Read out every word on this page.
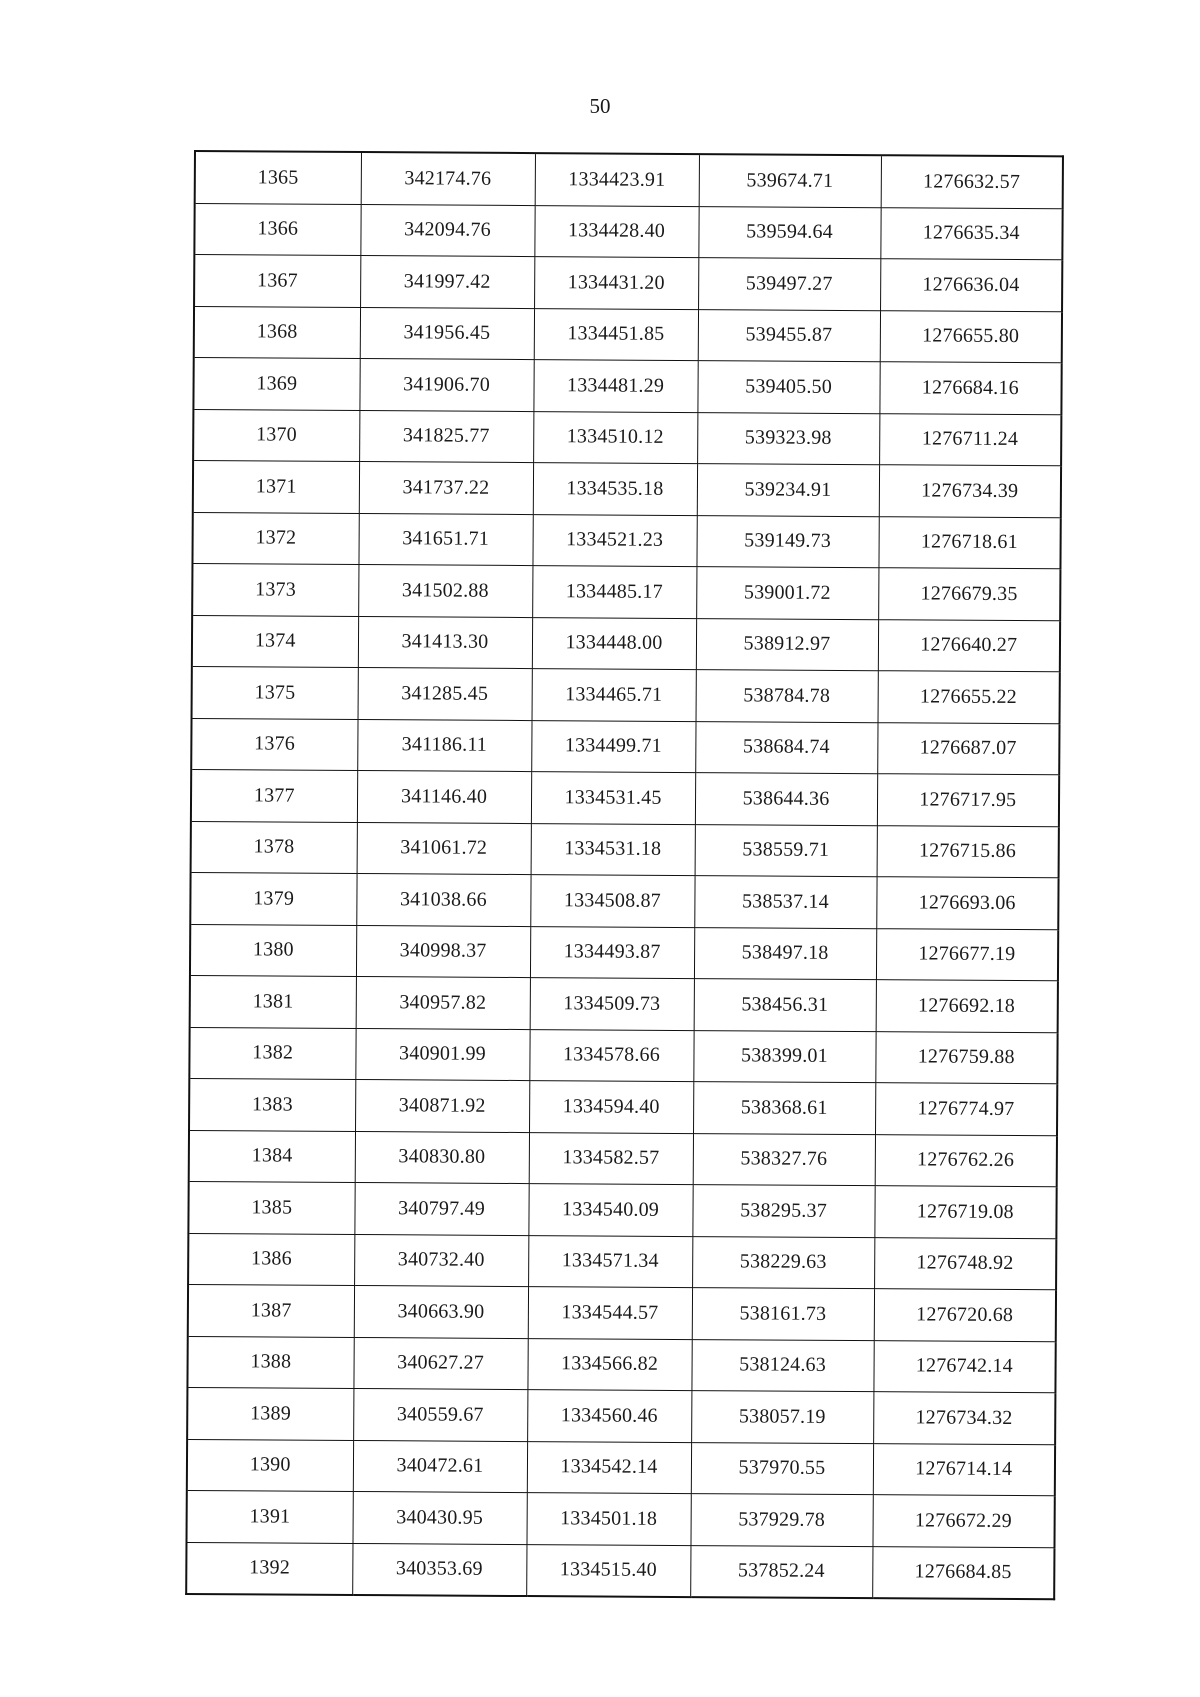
50
1365	342174.76	1334423.91	539674.71	1276632.57
1366	342094.76	1334428.40	539594.64	1276635.34
1367	341997.42	1334431.20	539497.27	1276636.04
1368	341956.45	1334451.85	539455.87	1276655.80
1369	341906.70	1334481.29	539405.50	1276684.16
1370	341825.77	1334510.12	539323.98	1276711.24
1371	341737.22	1334535.18	539234.91	1276734.39
1372	341651.71	1334521.23	539149.73	1276718.61
1373	341502.88	1334485.17	539001.72	1276679.35
1374	341413.30	1334448.00	538912.97	1276640.27
1375	341285.45	1334465.71	538784.78	1276655.22
1376	341186.11	1334499.71	538684.74	1276687.07
1377	341146.40	1334531.45	538644.36	1276717.95
1378	341061.72	1334531.18	538559.71	1276715.86
1379	341038.66	1334508.87	538537.14	1276693.06
1380	340998.37	1334493.87	538497.18	1276677.19
1381	340957.82	1334509.73	538456.31	1276692.18
1382	340901.99	1334578.66	538399.01	1276759.88
1383	340871.92	1334594.40	538368.61	1276774.97
1384	340830.80	1334582.57	538327.76	1276762.26
1385	340797.49	1334540.09	538295.37	1276719.08
1386	340732.40	1334571.34	538229.63	1276748.92
1387	340663.90	1334544.57	538161.73	1276720.68
1388	340627.27	1334566.82	538124.63	1276742.14
1389	340559.67	1334560.46	538057.19	1276734.32
1390	340472.61	1334542.14	537970.55	1276714.14
1391	340430.95	1334501.18	537929.78	1276672.29
1392	340353.69	1334515.40	537852.24	1276684.85
